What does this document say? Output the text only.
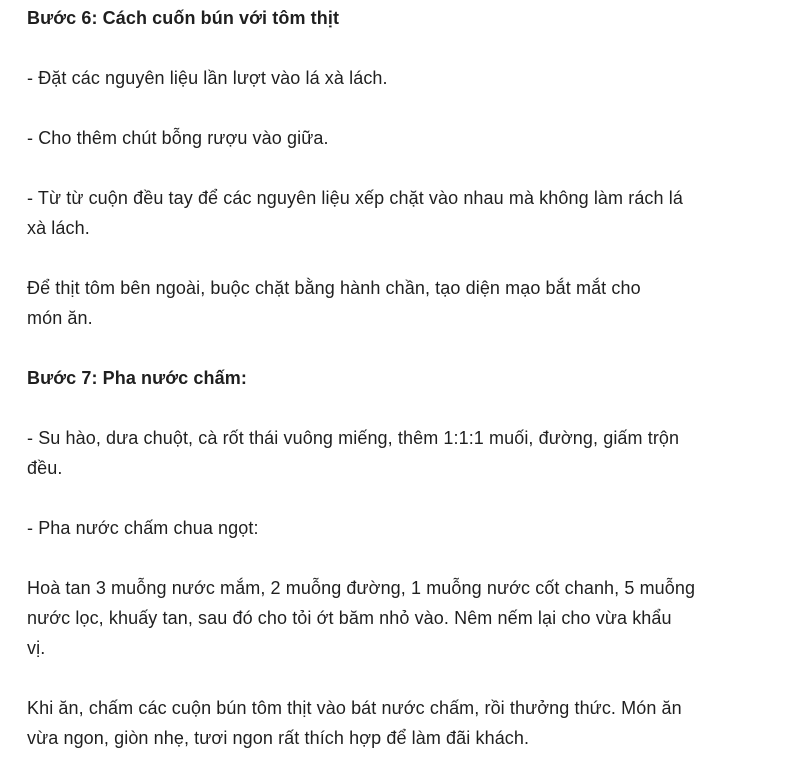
Bước 6: Cách cuốn bún với tôm thịt
- Đặt các nguyên liệu lần lượt vào lá xà lách.
- Cho thêm chút bỗng rượu vào giữa.
- Từ từ cuộn đều tay để các nguyên liệu xếp chặt vào nhau mà không làm rách lá
xà lách.
Để thịt tôm bên ngoài, buộc chặt bằng hành chần, tạo diện mạo bắt mắt cho
món ăn.
Bước 7: Pha nước chấm:
- Su hào, dưa chuột, cà rốt thái vuông miếng, thêm 1:1:1 muối, đường, giấm trộn
đều.
- Pha nước chấm chua ngọt:
Hoà tan 3 muỗng nước mắm, 2 muỗng đường, 1 muỗng nước cốt chanh, 5 muỗng
nước lọc, khuấy tan, sau đó cho tỏi ớt băm nhỏ vào. Nêm nếm lại cho vừa khẩu
vị.
Khi ăn, chấm các cuộn bún tôm thịt vào bát nước chấm, rồi thưởng thức. Món ăn
vừa ngon, giòn nhẹ, tươi ngon rất thích hợp để làm đãi khách.
